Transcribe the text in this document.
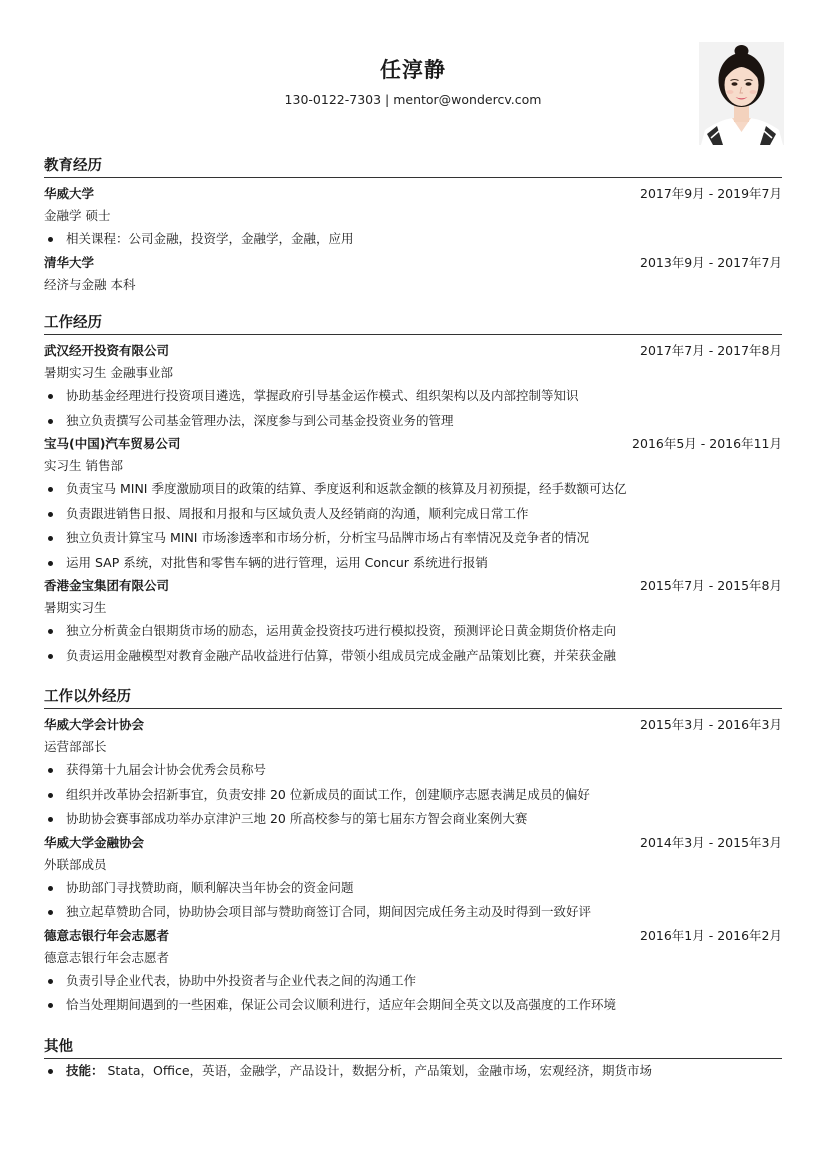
任淳静
130-0122-7303 | mentor@wondercv.com
教育经历
华威大学	2017年9月 - 2019年7月
金融学 硕士
相关课程：公司金融，投资学，金融学，金融，应用
清华大学	2013年9月 - 2017年7月
经济与金融 本科
工作经历
武汉经开投资有限公司	2017年7月 - 2017年8月
暑期实习生 金融事业部
协助基金经理进行投资项目遴选，掌握政府引导基金运作模式、组织架构以及内部控制等知识
独立负责撰写公司基金管理办法，深度参与到公司基金投资业务的管理
宝马(中国)汽车贸易公司	2016年5月 - 2016年11月
实习生 销售部
负责宝马 MINI 季度激励项目的政策的结算、季度返利和返款金额的核算及月初预提，经手数额可达亿
负责跟进销售日报、周报和月报和与区域负责人及经销商的沟通，顺利完成日常工作
独立负责计算宝马 MINI 市场渗透率和市场分析，分析宝马品牌市场占有率情况及竞争者的情况
运用 SAP 系统，对批售和零售车辆的进行管理，运用 Concur 系统进行报销
香港金宝集团有限公司	2015年7月 - 2015年8月
暑期实习生
独立分析黄金白银期货市场的励态，运用黄金投资技巧进行模拟投资，预测评论日黄金期货价格走向
负责运用金融模型对教育金融产品收益进行估算，带领小组成员完成金融产品策划比赛，并荣获金融
工作以外经历
华威大学会计协会	2015年3月 - 2016年3月
运营部部长
获得第十九届会计协会优秀会员称号
组织并改革协会招新事宜，负责安排 20 位新成员的面试工作，创建顺序志愿表满足成员的偏好
协助协会赛事部成功举办京津沪三地 20 所高校参与的第七届东方智会商业案例大赛
华威大学金融协会	2014年3月 - 2015年3月
外联部成员
协助部门寻找赞助商，顺利解决当年协会的资金问题
独立起草赞助合同，协助协会项目部与赞助商签订合同，期间因完成任务主动及时得到一致好评
德意志银行年会志愿者	2016年1月 - 2016年2月
德意志银行年会志愿者
负责引导企业代表，协助中外投资者与企业代表之间的沟通工作
恰当处理期间遇到的一些困难，保证公司会议顺利进行，适应年会期间全英文以及高强度的工作环境
其他
技能： Stata，Office，英语，金融学，产品设计，数据分析，产品策划，金融市场，宏观经济，期货市场
